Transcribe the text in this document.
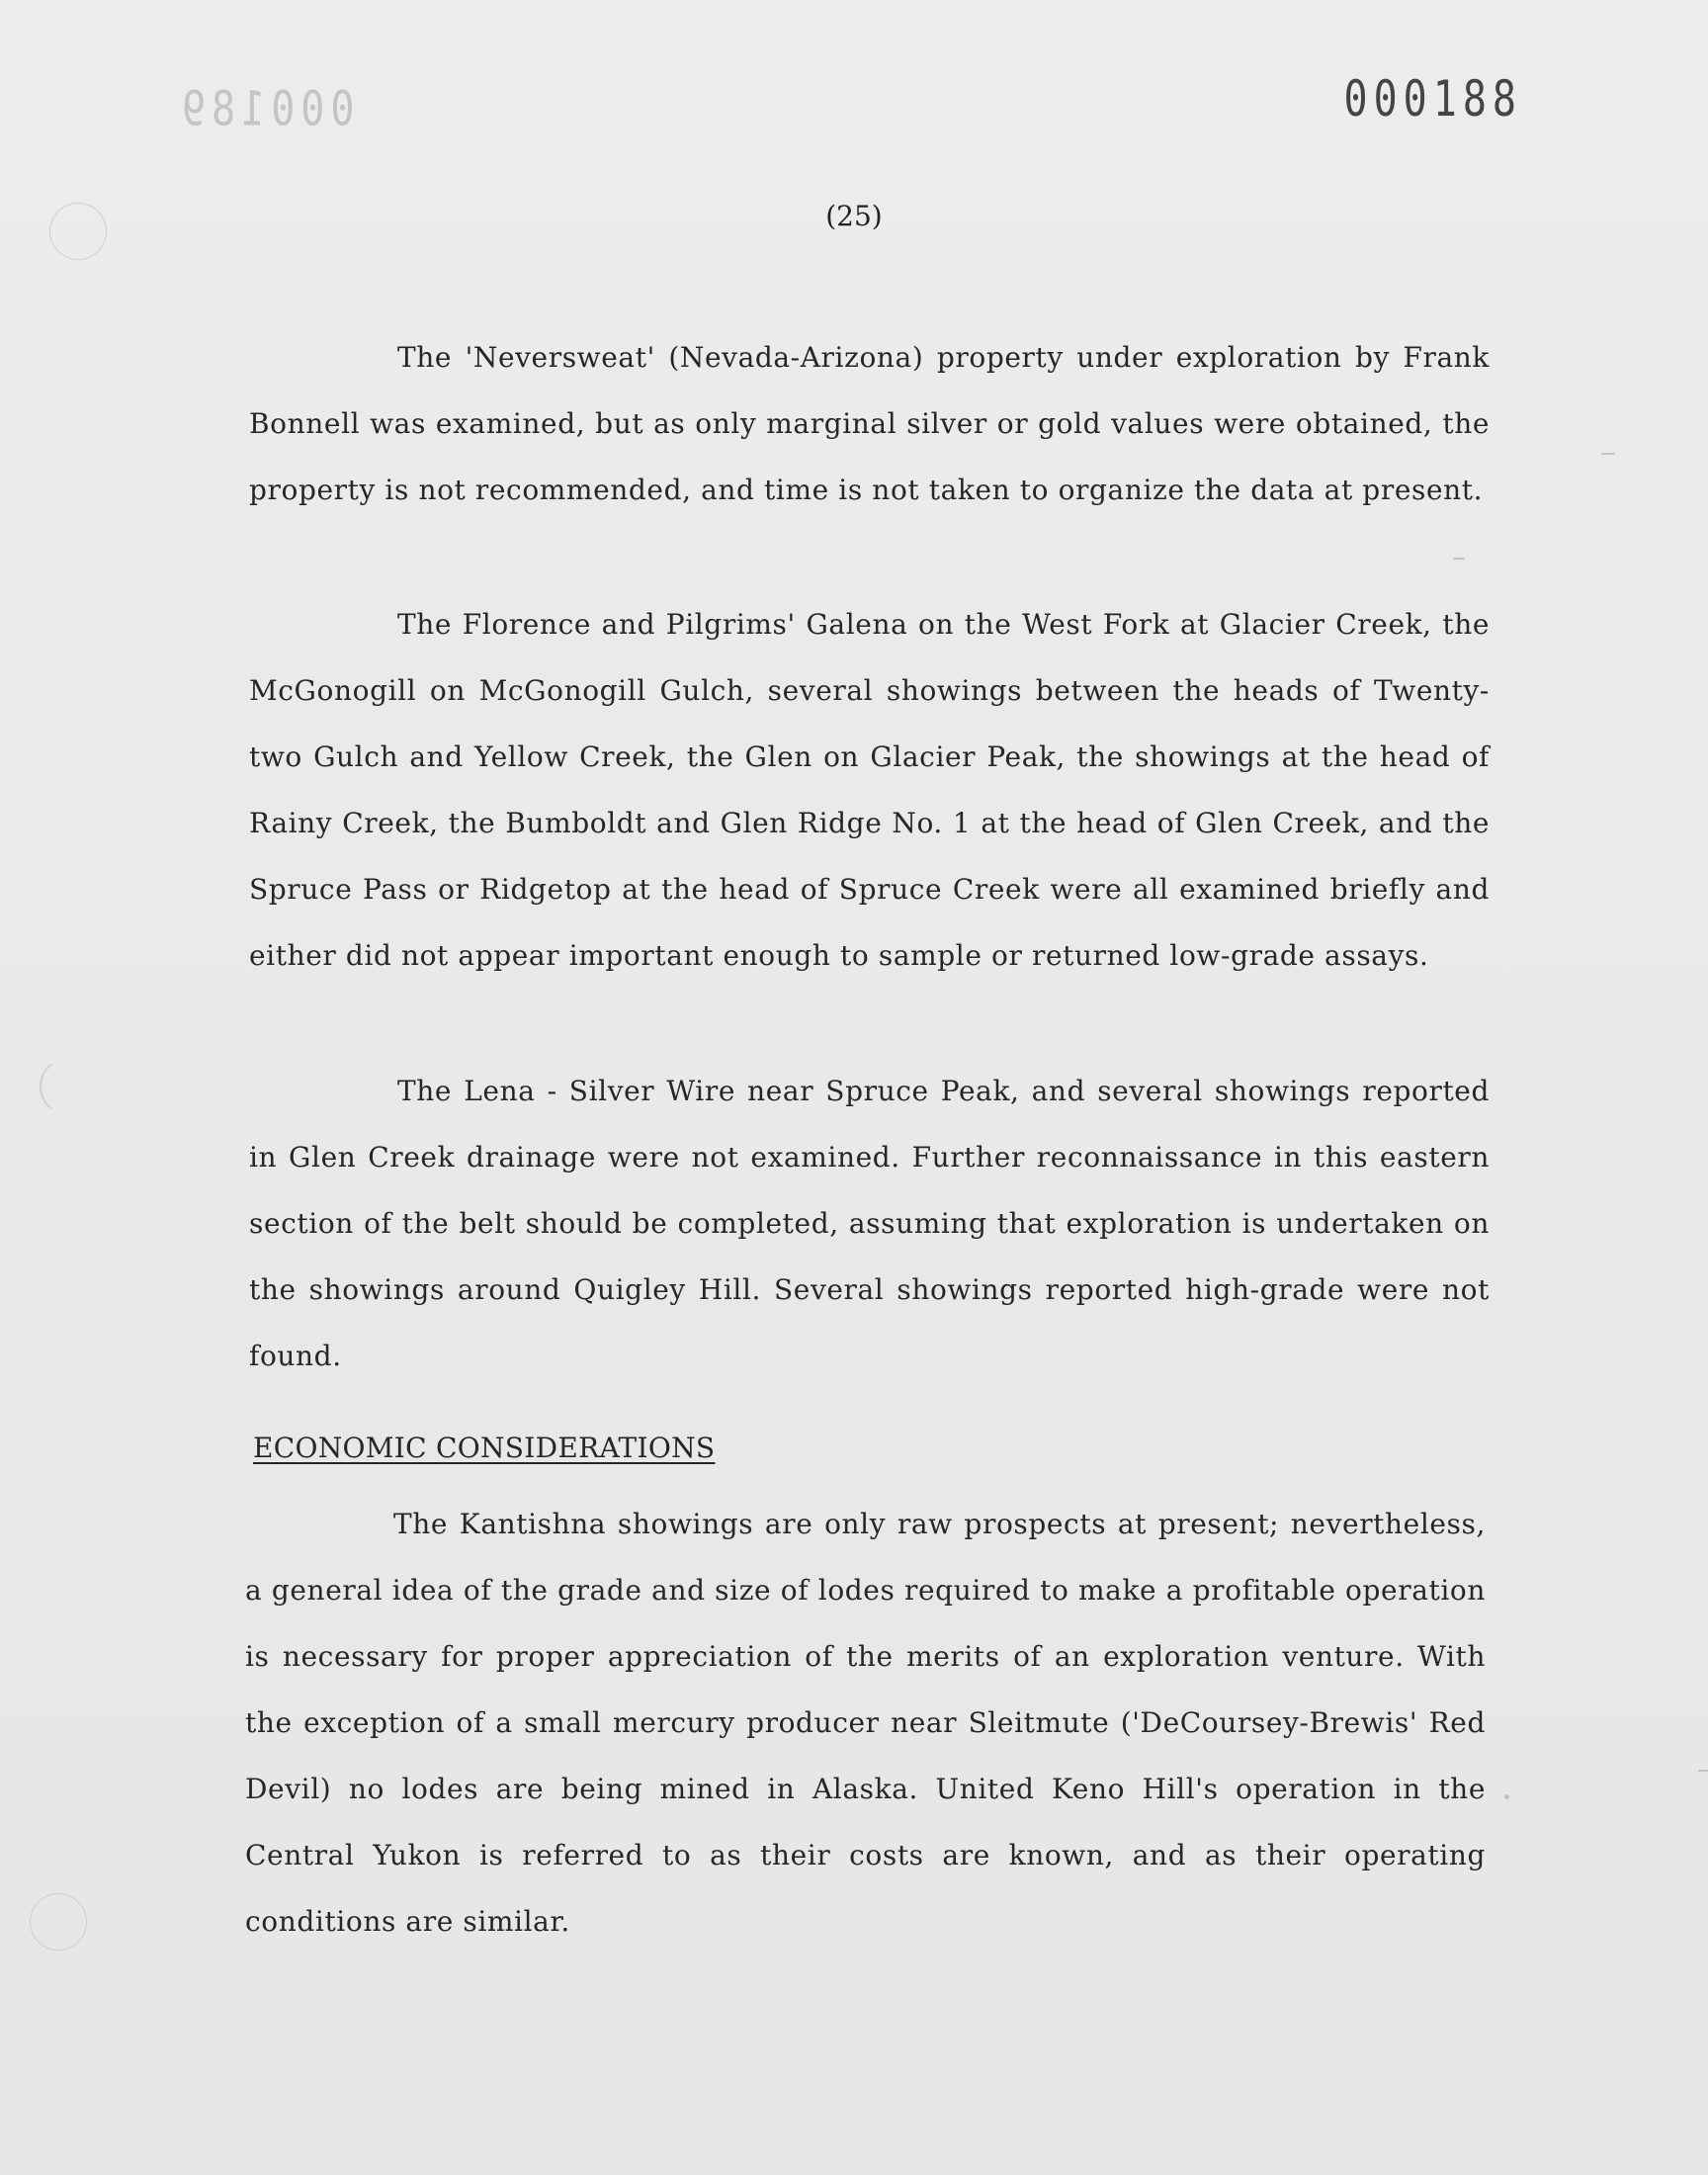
000189	000188
(25)

The 'Neversweat' (Nevada-Arizona) property under exploration by Frank Bonnell was examined, but as only marginal silver or gold values were obtained, the property is not recommended, and time is not taken to organize the data at present.

The Florence and Pilgrims' Galena on the West Fork at Glacier Creek, the McGonogill on McGonogill Gulch, several showings between the heads of Twenty-two Gulch and Yellow Creek, the Glen on Glacier Peak, the showings at the head of Rainy Creek, the Bumboldt and Glen Ridge No. 1 at the head of Glen Creek, and the Spruce Pass or Ridgetop at the head of Spruce Creek were all examined briefly and either did not appear important enough to sample or returned low-grade assays.

The Lena - Silver Wire near Spruce Peak, and several showings reported in Glen Creek drainage were not examined. Further reconnaissance in this eastern section of the belt should be completed, assuming that exploration is undertaken on the showings around Quigley Hill. Several showings reported high-grade were not found.

ECONOMIC CONSIDERATIONS

The Kantishna showings are only raw prospects at present; nevertheless, a general idea of the grade and size of lodes required to make a profitable operation is necessary for proper appreciation of the merits of an exploration venture. With the exception of a small mercury producer near Sleitmute ('DeCoursey-Brewis' Red Devil) no lodes are being mined in Alaska. United Keno Hill's operation in the Central Yukon is referred to as their costs are known, and as their operating conditions are similar.
